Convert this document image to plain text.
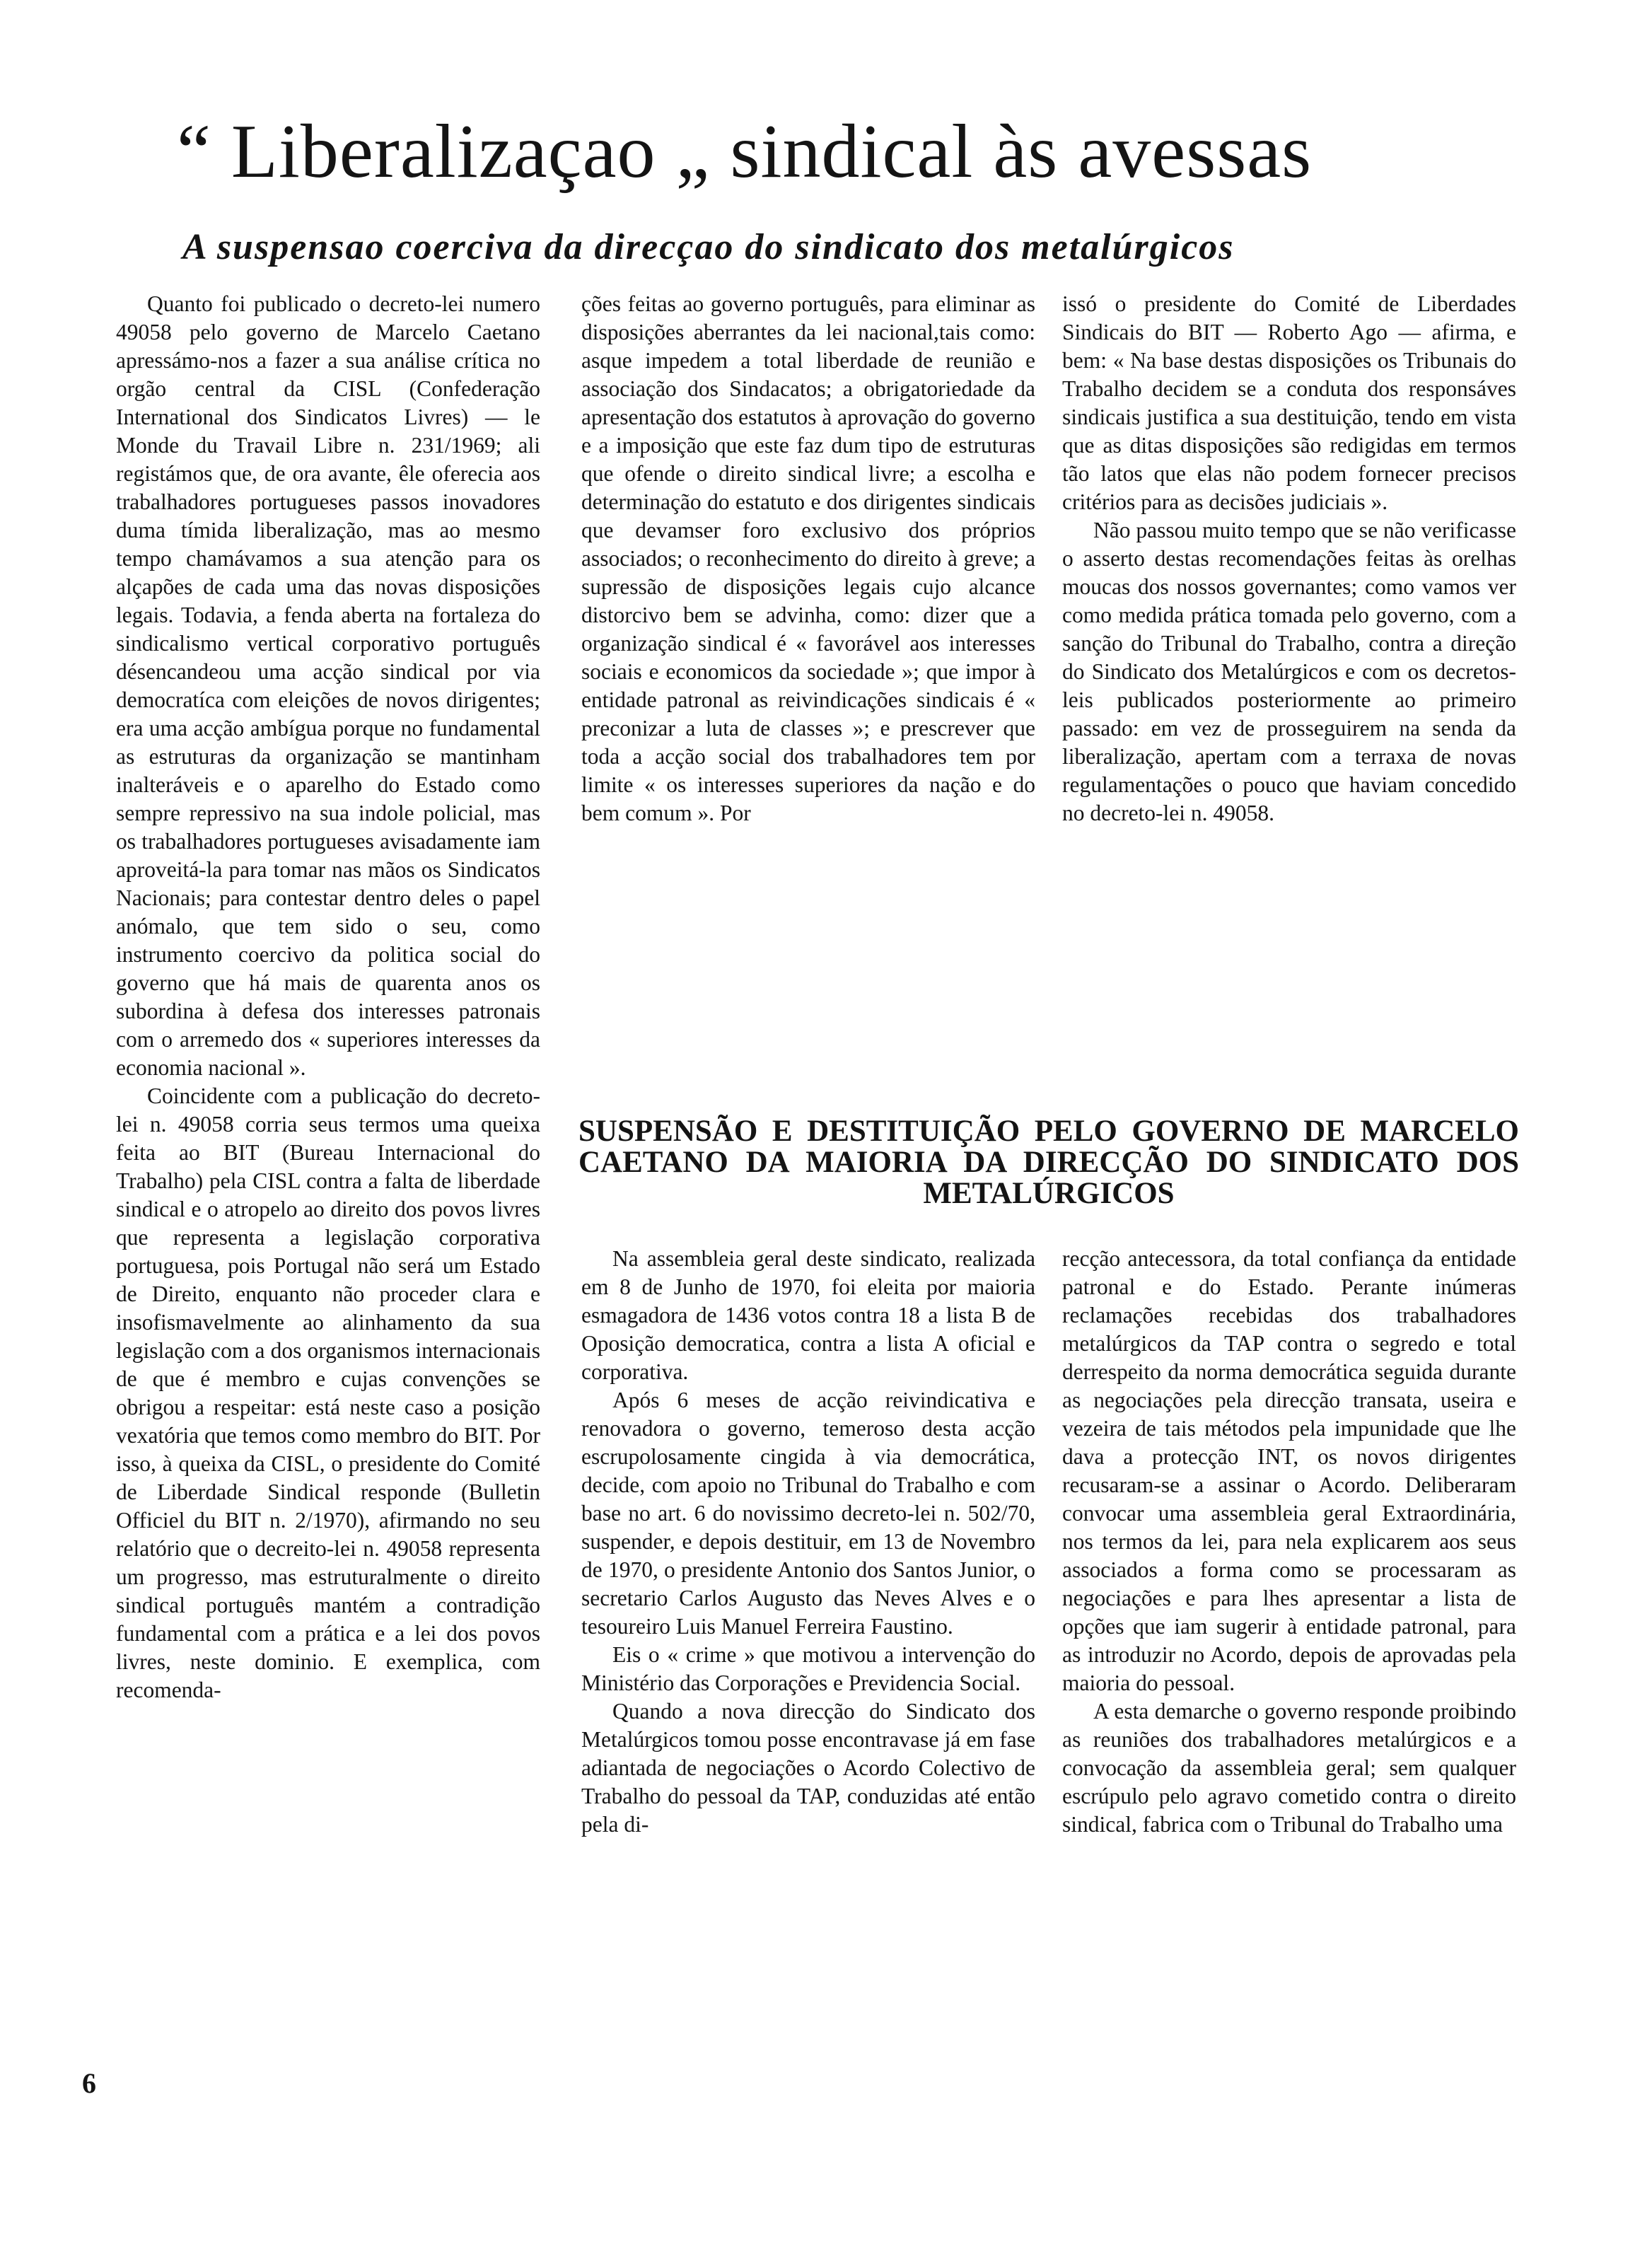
“ Liberalizaçao „ sindical às avessas
A suspensao coerciva da direcçao do sindicato dos metalúrgicos

Quanto foi publicado o decreto-lei numero 49058 pelo governo de Marcelo Caetano apressámo-nos a fazer a sua análise crítica no orgão central da CISL (Confederação International dos Sindicatos Livres) — le Monde du Travail Libre n. 231/1969; ali registámos que, de ora avante, êle oferecia aos trabalhadores portugueses passos inovadores duma tímida liberalização, mas ao mesmo tempo chamávamos a sua atenção para os alçapões de cada uma das novas disposições legais. Todavia, a fenda aberta na fortaleza do sindicalismo vertical corporativo português désencandeou uma acção sindical por via democratíca com eleições de novos dirigentes; era uma acção ambígua porque no fundamental as estruturas da organização se mantinham inalteráveis e o aparelho do Estado como sempre repressivo na sua indole policial, mas os trabalhadores portugueses avisadamente iam aproveitá-la para tomar nas mãos os Sindicatos Nacionais; para contestar dentro deles o papel anómalo, que tem sido o seu, como instrumento coercivo da politica social do governo que há mais de quarenta anos os subordina à defesa dos interesses patronais com o arremedo dos « superiores interesses da economia nacional ».

Coincidente com a publicação do decreto-lei n. 49058 corria seus termos uma queixa feita ao BIT (Bureau Internacional do Trabalho) pela CISL contra a falta de liberdade sindical e o atropelo ao direito dos povos livres que representa a legislação corporativa portuguesa, pois Portugal não será um Estado de Direito, enquanto não proceder clara e insofismavelmente ao alinhamento da sua legislação com a dos organismos internacionais de que é membro e cujas convenções se obrigou a respeitar: está neste caso a posição vexatória que temos como membro do BIT. Por isso, à queixa da CISL, o presidente do Comité de Liberdade Sindical responde (Bulletin Officiel du BIT n. 2/1970), afirmando no seu relatório que o decreito-lei n. 49058 representa um progresso, mas estruturalmente o direito sindical português mantém a contradição fundamental com a prática e a lei dos povos livres, neste dominio. E exemplica, com recomenda-

ções feitas ao governo português, para eliminar as disposições aberrantes da lei nacional,tais como: asque impedem a total liberdade de reunião e associação dos Sindacatos; a obrigatoriedade da apresentação dos estatutos à aprovação do governo e a imposição que este faz dum tipo de estruturas que ofende o direito sindical livre; a escolha e determinação do estatuto e dos dirigentes sindicais que devamser foro exclusivo dos próprios associados; o reconhecimento do direito à greve; a supressão de disposições legais cujo alcance distorcivo bem se advinha, como: dizer que a organização sindical é « favorável aos interesses sociais e economicos da sociedade »; que impor à entidade patronal as reivindicações sindicais é « preconizar a luta de classes »; e prescrever que toda a acção social dos trabalhadores tem por limite « os interesses superiores da nação e do bem comum ». Por

issó o presidente do Comité de Liberdades Sindicais do BIT — Roberto Ago — afirma, e bem: « Na base destas disposições os Tribunais do Trabalho decidem se a conduta dos responsáves sindicais justifica a sua destituição, tendo em vista que as ditas disposições são redigidas em termos tão latos que elas não podem fornecer precisos critérios para as decisões judiciais ».

Não passou muito tempo que se não verificasse o asserto destas recomendações feitas às orelhas moucas dos nossos governantes; como vamos ver como medida prática tomada pelo governo, com a sanção do Tribunal do Trabalho, contra a direção do Sindicato dos Metalúrgicos e com os decretos-leis publicados posteriormente ao primeiro passado: em vez de prosseguirem na senda da liberalização, apertam com a terraxa de novas regulamentações o pouco que haviam concedido no decreto-lei n. 49058.

SUSPENSÃO E DESTITUIÇÃO PELO GOVERNO DE MARCELO CAETANO DA MAIORIA DA DIRECÇÃO DO SINDICATO DOS METALÚRGICOS

Na assembleia geral deste sindicato, realizada em 8 de Junho de 1970, foi eleita por maioria esmagadora de 1436 votos contra 18 a lista B de Oposição democratica, contra a lista A oficial e corporativa.

Após 6 meses de acção reivindicativa e renovadora o governo, temeroso desta acção escrupolosamente cingida à via democrática, decide, com apoio no Tribunal do Trabalho e com base no art. 6 do novissimo decreto-lei n. 502/70, suspender, e depois destituir, em 13 de Novembro de 1970, o presidente Antonio dos Santos Junior, o secretario Carlos Augusto das Neves Alves e o tesoureiro Luis Manuel Ferreira Faustino.

Eis o « crime » que motivou a intervenção do Ministério das Corporações e Previdencia Social.

Quando a nova direcção do Sindicato dos Metalúrgicos tomou posse encontravase já em fase adiantada de negociações o Acordo Colectivo de Trabalho do pessoal da TAP, conduzidas até então pela di-

recção antecessora, da total confiança da entidade patronal e do Estado. Perante inúmeras reclamações recebidas dos trabalhadores metalúrgicos da TAP contra o segredo e total derrespeito da norma democrática seguida durante as negociações pela direcção transata, useira e vezeira de tais métodos pela impunidade que lhe dava a protecção INT, os novos dirigentes recusaram-se a assinar o Acordo. Deliberaram convocar uma assembleia geral Extraordinária, nos termos da lei, para nela explicarem aos seus associados a forma como se processaram as negociações e para lhes apresentar a lista de opções que iam sugerir à entidade patronal, para as introduzir no Acordo, depois de aprovadas pela maioria do pessoal.

A esta demarche o governo responde proibindo as reuniões dos trabalhadores metalúrgicos e a convocação da assembleia geral; sem qualquer escrúpulo pelo agravo cometido contra o direito sindical, fabrica com o Tribunal do Trabalho uma

6
